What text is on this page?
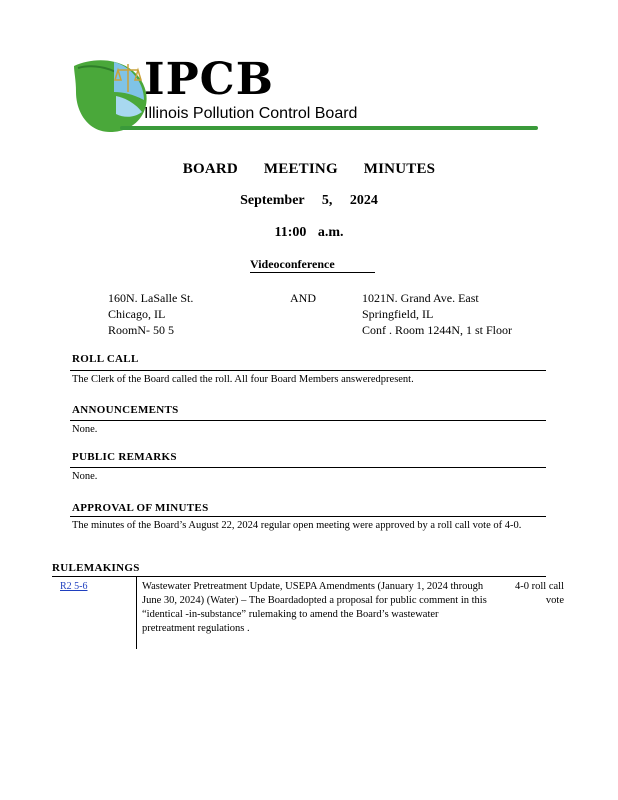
IPCB
Illinois Pollution Control Board
BOARD MEETING MINUTES
September 5, 2024
11:00 a.m.
Videoconference
160N. LaSalle St.
Chicago, IL
RoomN- 50 5
AND	1021N. Grand Ave. East
Springfield, IL
Conf . Room 1244N, 1 st Floor
ROLL CALL
The Clerk of the Board called the roll. All four Board Members answeredpresent.
ANNOUNCEMENTS
None.
PUBLIC REMARKS
None.
APPROVAL OF MINUTES
The minutes of the Board’s August 22, 2024 regular open meeting were approved by a roll call vote of 4-0.
RULEMAKINGS
R2 5-6	Wastewater Pretreatment Update, USEPA Amendments (January 1, 2024 through June 30, 2024) (Water) – The Boardadopted a proposal for public comment in this “identical -in-substance” rulemaking to amend the Board’s wastewater pretreatment regulations .
4-0 roll call vote
